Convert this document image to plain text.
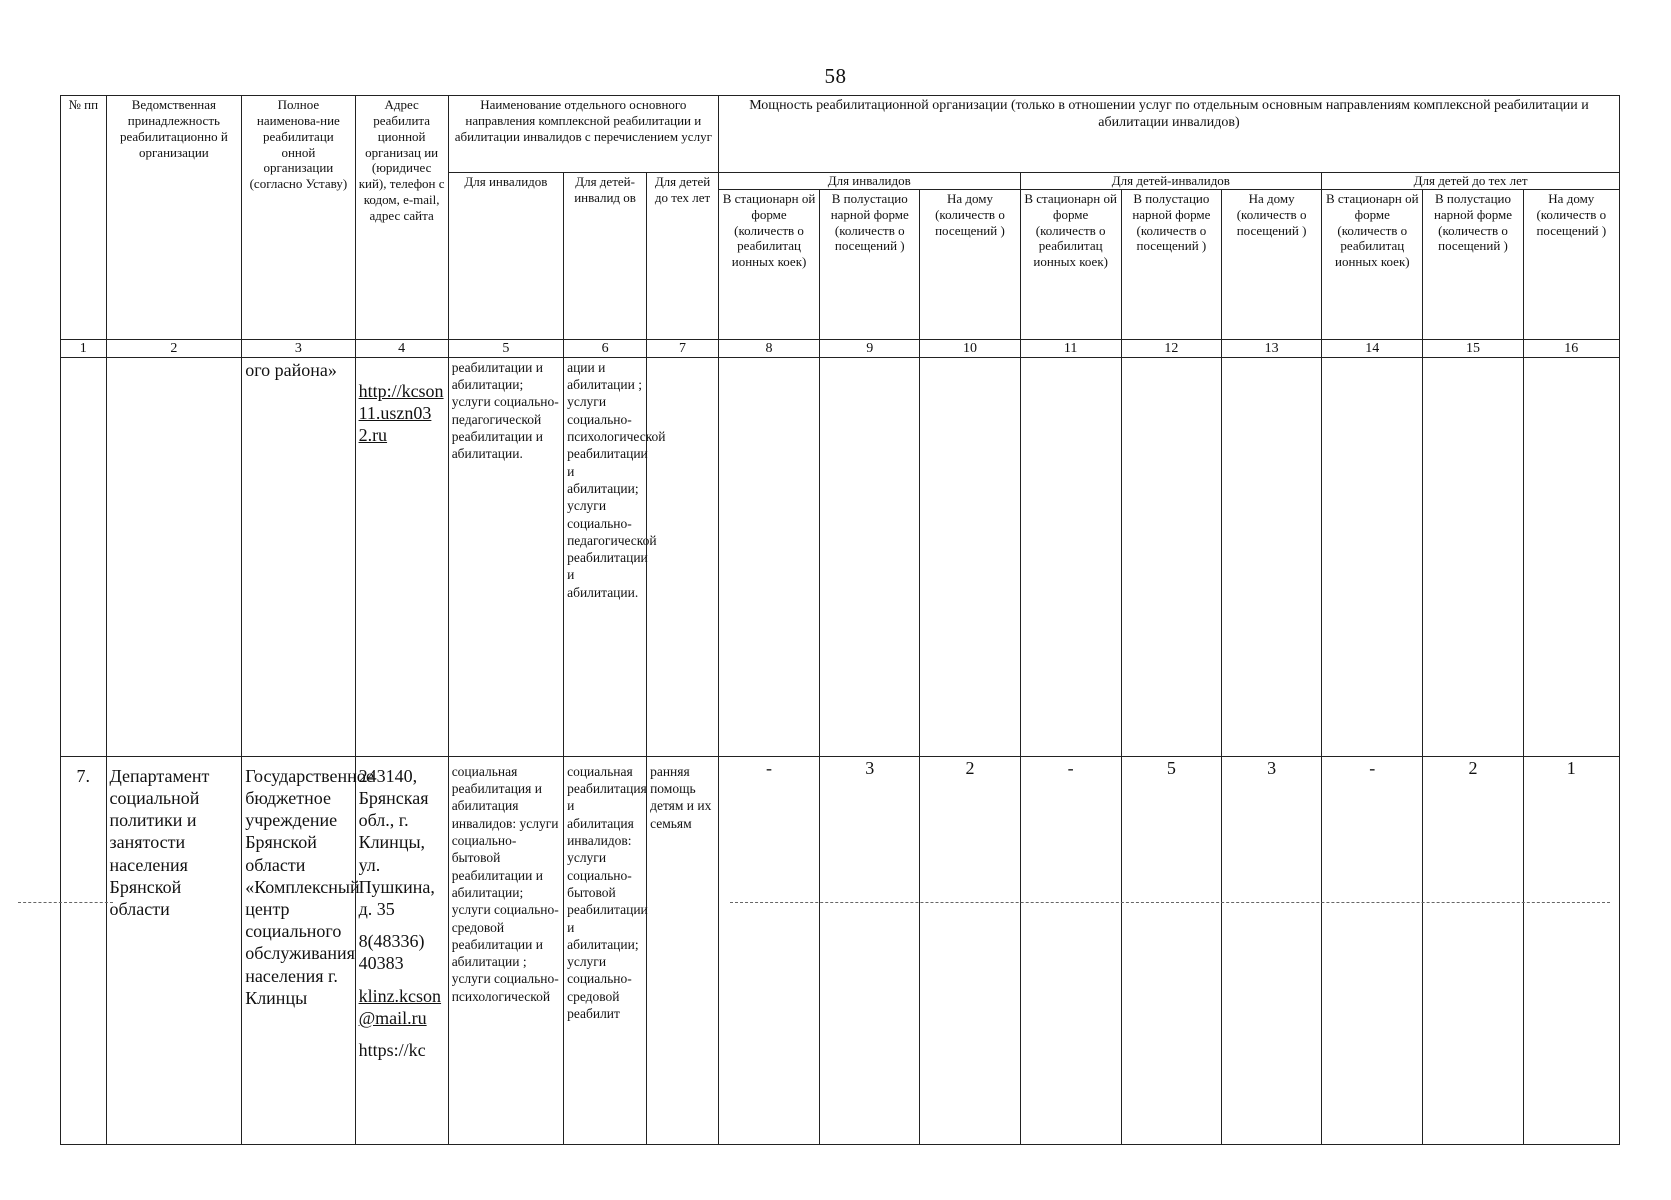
58
№ пп	Ведомственная принадлежность реабилитационно й организации	Полное наименова-ние реабилитаци онной организации (согласно Уставу)	Адрес реабилита ционной организац ии (юридичес кий), телефон с кодом, e-mail, адрес сайта	Наименование отдельного основного направления комплексной реабилитации и абилитации инвалидов с перечислением услуг			Мощность реабилитационной организации (только в отношении услуг по отдельным основным направлениям комплексной реабилитации и абилитации инвалидов)								
				Для инвалидов	Для детей-инвалид ов	Для детей до тех лет	Для инвалидов			Для детей-инвалидов			Для детей до тех лет		
							В стационарн ой форме (количеств о реабилитац ионных коек)	В полустацио нарной форме (количеств о посещений )	На дому (количеств о посещений )	В стационарн ой форме (количеств о реабилитац ионных коек)	В полустацио нарной форме (количеств о посещений )	На дому (количеств о посещений )	В стационарн ой форме (количеств о реабилитац ионных коек)	В полустацио нарной форме (количеств о посещений )	На дому (количеств о посещений )
1	2	3	4	5	6	7	8	9	10	11	12	13	14	15	16
		ого района»	http://kcson11.uszn032.ru	реабилитации и абилитации; услуги социально-педагогической реабилитации и абилитации.	ации и абилитации ; услуги социально-психологической реабилитации и абилитации; услуги социально-педагогической реабилитации и абилитации.										
7.	Департамент социальной политики и занятости населения Брянской области	Государственное бюджетное учреждение Брянской области «Комплексный центр социального обслуживания населения г. Клинцы	243140, Брянская обл., г. Клинцы, ул. Пушкина, д. 35
8(48336) 40383
klinz.kcson@mail.ru
https://kc	социальная реабилитация и абилитация инвалидов: услуги социально-бытовой реабилитации и абилитации; услуги социально-средовой реабилитации и абилитации ; услуги социально-психологической	социальная реабилитация и абилитация инвалидов: услуги социально-бытовой реабилитации и абилитации; услуги социально-средовой реабилит	ранняя помощь детям и их семьям	-	3	2	-	5	3	-	2	1
